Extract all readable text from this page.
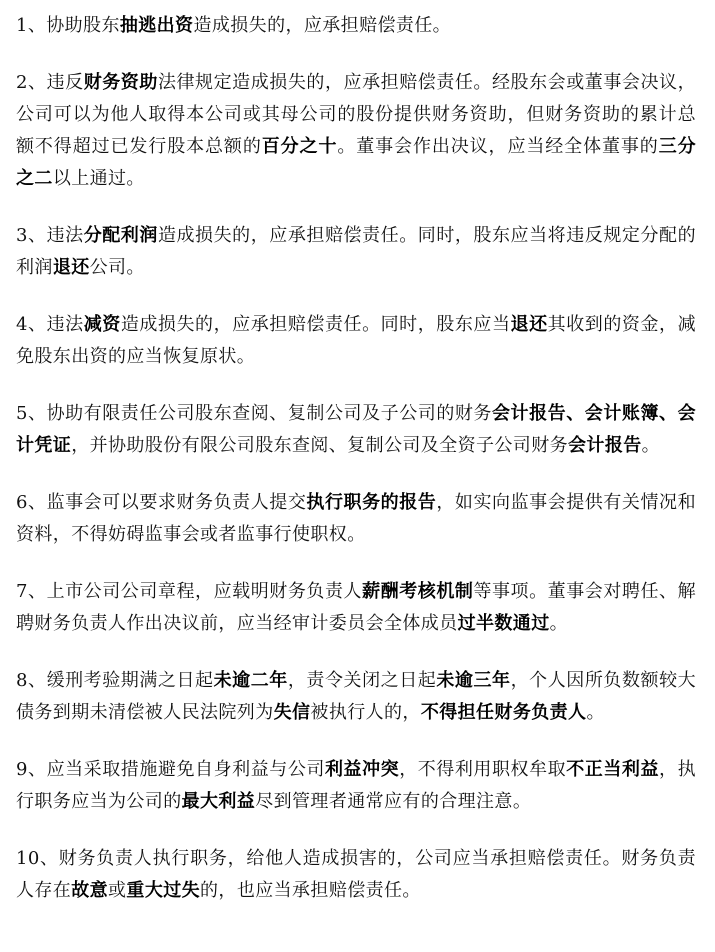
1、协助股东抽逃出资造成损失的，应承担赔偿责任。

2、违反财务资助法律规定造成损失的，应承担赔偿责任。经股东会或董事会决议，公司可以为他人取得本公司或其母公司的股份提供财务资助，但财务资助的累计总额不得超过已发行股本总额的百分之十。董事会作出决议，应当经全体董事的三分之二以上通过。

3、违法分配利润造成损失的，应承担赔偿责任。同时，股东应当将违反规定分配的利润退还公司。

4、违法减资造成损失的，应承担赔偿责任。同时，股东应当退还其收到的资金，减免股东出资的应当恢复原状。

5、协助有限责任公司股东查阅、复制公司及子公司的财务会计报告、会计账簿、会计凭证，并协助股份有限公司股东查阅、复制公司及全资子公司财务会计报告。

6、监事会可以要求财务负责人提交执行职务的报告，如实向监事会提供有关情况和资料，不得妨碍监事会或者监事行使职权。

7、上市公司公司章程，应载明财务负责人薪酬考核机制等事项。董事会对聘任、解聘财务负责人作出决议前，应当经审计委员会全体成员过半数通过。

8、缓刑考验期满之日起未逾二年，责令关闭之日起未逾三年，个人因所负数额较大债务到期未清偿被人民法院列为失信被执行人的，不得担任财务负责人。

9、应当采取措施避免自身利益与公司利益冲突，不得利用职权牟取不正当利益，执行职务应当为公司的最大利益尽到管理者通常应有的合理注意。

10、财务负责人执行职务，给他人造成损害的，公司应当承担赔偿责任。财务负责人存在故意或重大过失的，也应当承担赔偿责任。
